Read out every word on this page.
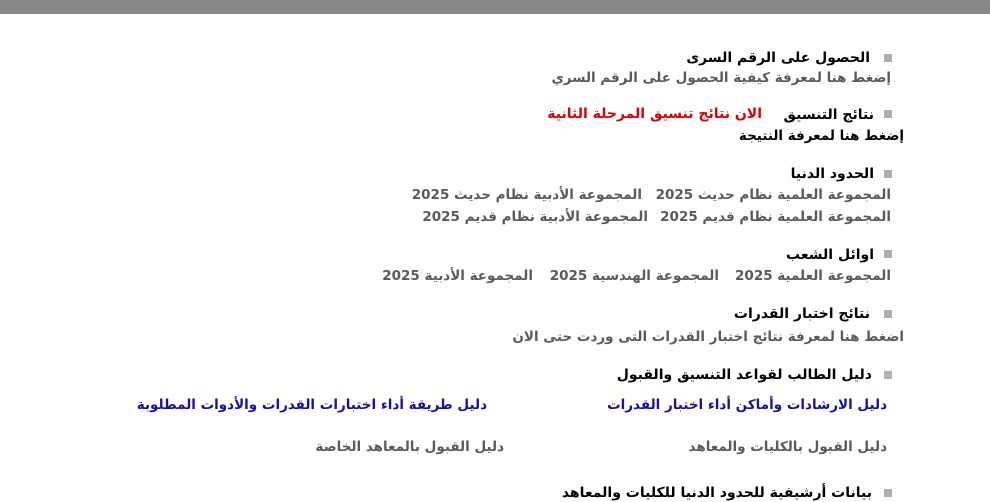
الحصول على الرقم السرى
إضغط هنا لمعرفة كيفية الحصول على الرقم السري
نتائج التنسيق
الان نتائج تنسيق المرحلة الثانية
إضغط هنا لمعرفة النتيجة
الحدود الدنيا
المجموعة العلمية نظام حديث 2025
المجموعة الأدبية نظام حديث 2025
المجموعة العلمية نظام قديم 2025
المجموعة الأدبية نظام قديم 2025
اوائل الشعب
المجموعة العلمية 2025
المجموعة الهندسية 2025
المجموعة الأدبية 2025
نتائج اختبار القدرات
اضغط هنا لمعرفة نتائج اختبار القدرات التى وردت حتى الان
دليل الطالب لقواعد التنسيق والقبول
دليل الارشادات وأماكن أداء اختبار القدرات
دليل طريقة أداء اختبارات القدرات والأدوات المطلوبة
دليل القبول بالكليات والمعاهد
دليل القبول بالمعاهد الخاصة
بيانات أرشيفية للحدود الدنيا للكليات والمعاهد
